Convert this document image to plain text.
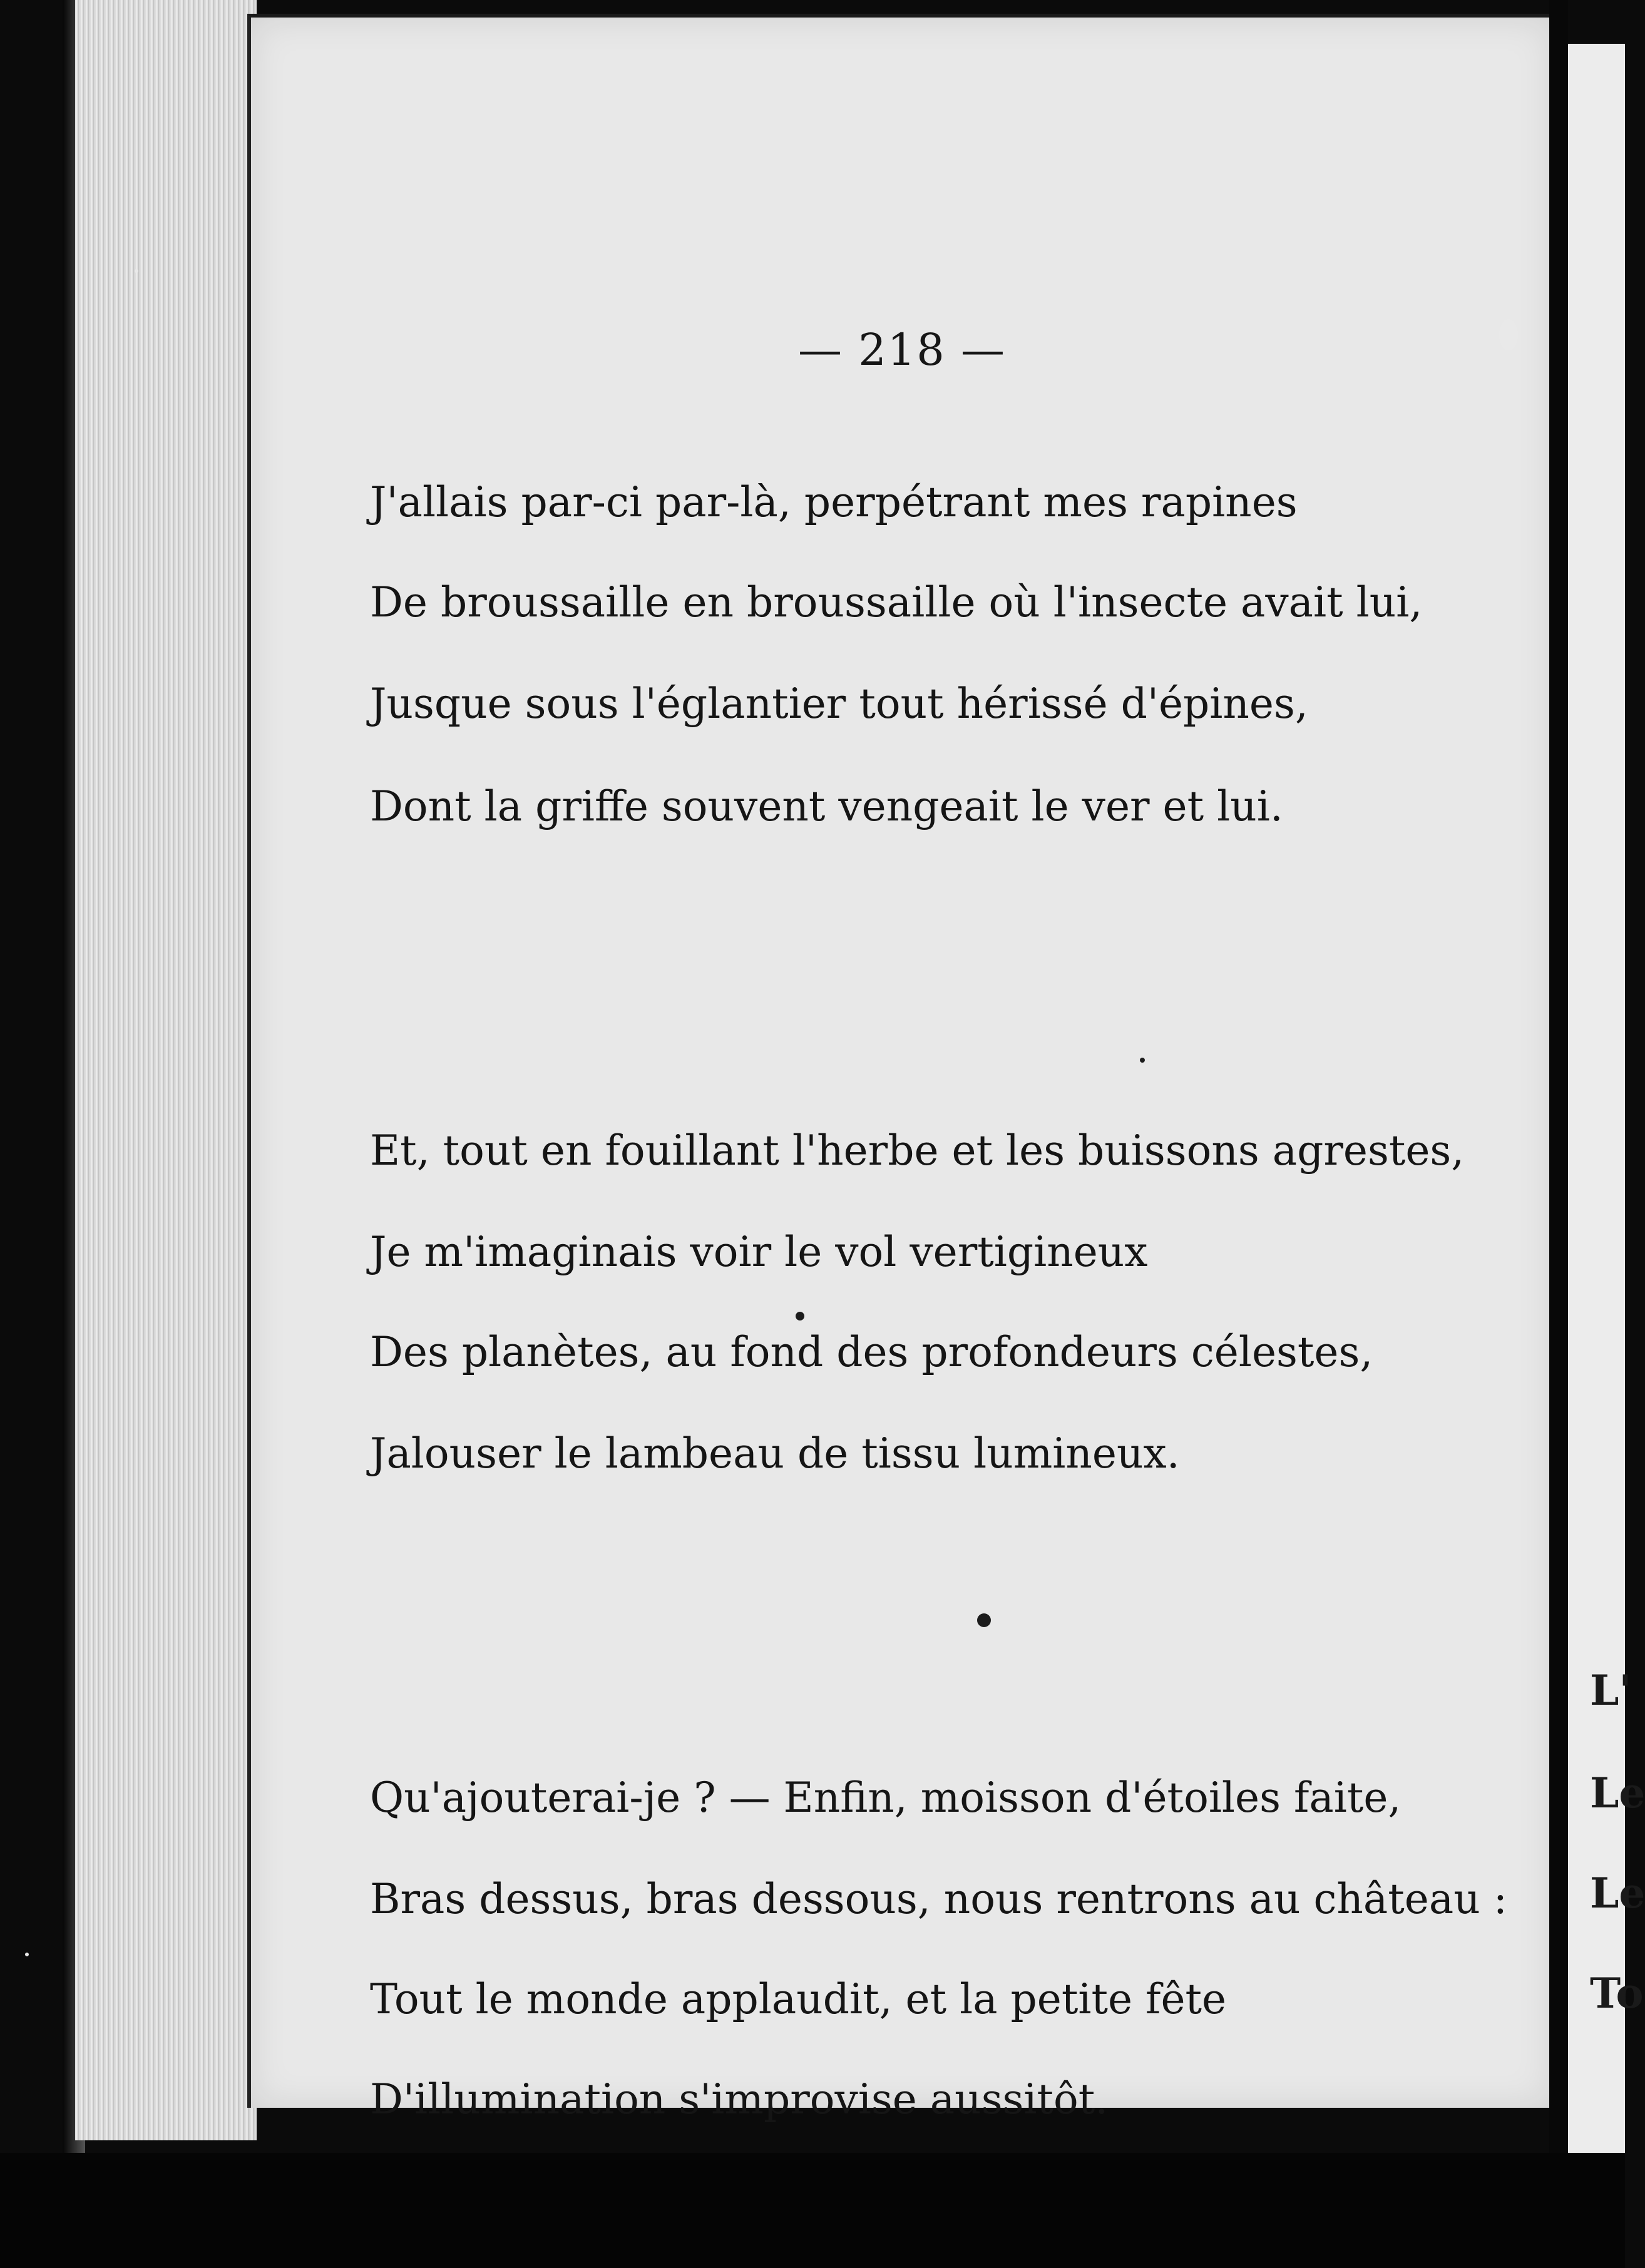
— 218 —
J'allais par-ci par-là, perpétrant mes rapines
De broussaille en broussaille où l'insecte avait lui,
Jusque sous l'églantier tout hérissé d'épines,
Dont la griffe souvent vengeait le ver et lui.
Et, tout en fouillant l'herbe et les buissons agrestes,
Je m'imaginais voir le vol vertigineux
Des planètes, au fond des profondeurs célestes,
Jalouser le lambeau de tissu lumineux.
Qu'ajouterai-je ? — Enfin, moisson d'étoiles faite,
Bras dessus, bras dessous, nous rentrons au château :
Tout le monde applaudit, et la petite fête
D'illumination s'improvise aussitôt.
L'
Le
Le
To
